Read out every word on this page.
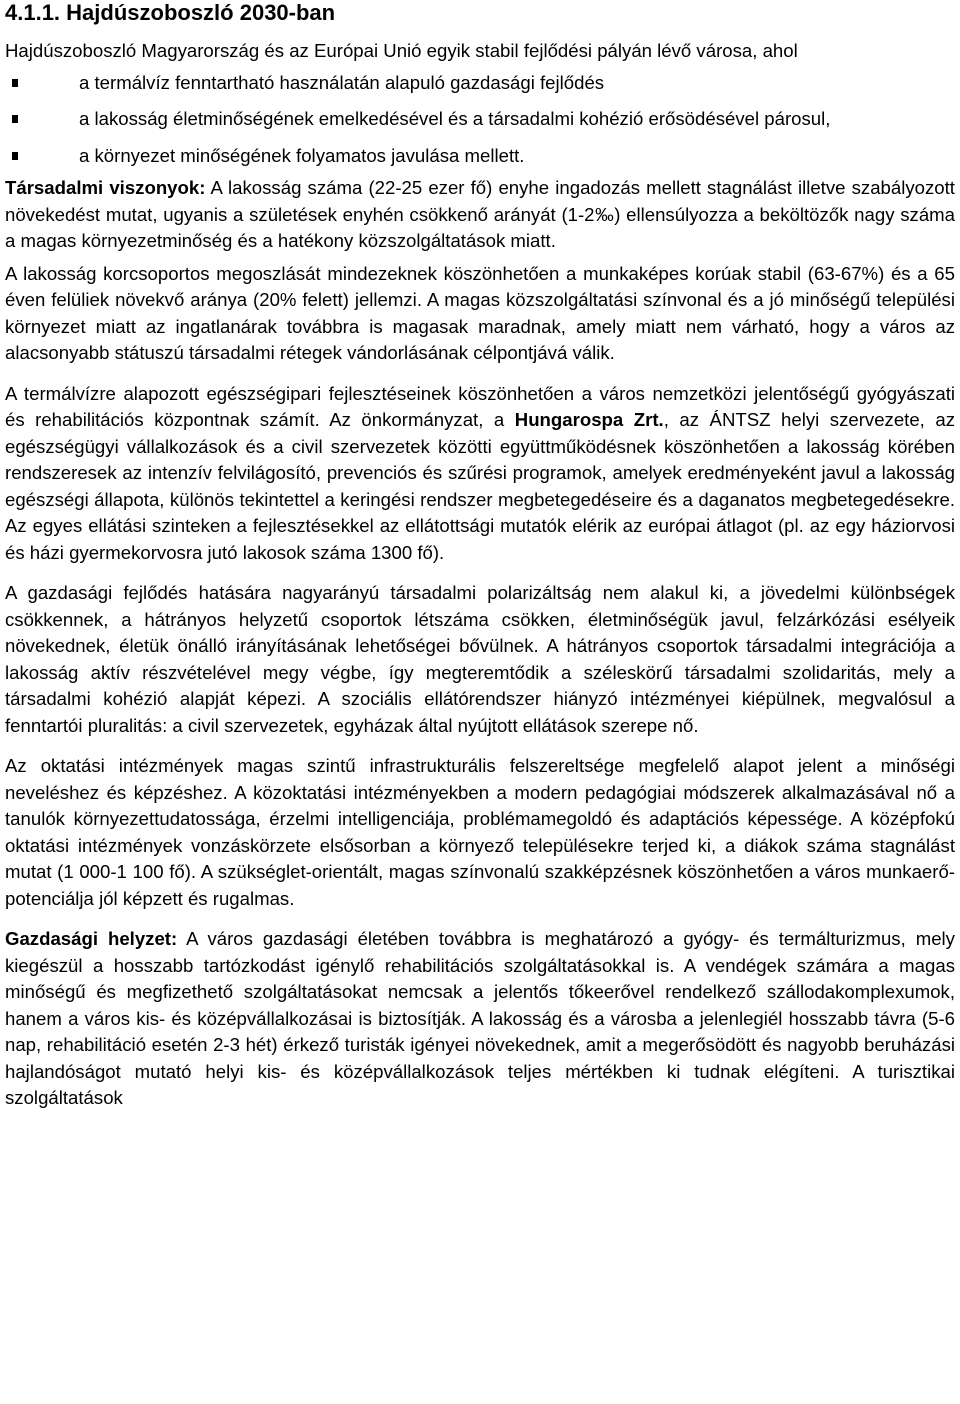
4.1.1. Hajdúszoboszló 2030-ban

Hajdúszoboszló Magyarország és az Európai Unió egyik stabil fejlődési pályán lévő városa, ahol

a termálvíz fenntartható használatán alapuló gazdasági fejlődés
a lakosság életminőségének emelkedésével és a társadalmi kohézió erősödésével párosul,
a környezet minőségének folyamatos javulása mellett.

Társadalmi viszonyok: A lakosság száma (22-25 ezer fő) enyhe ingadozás mellett stagnálást illetve szabályozott növekedést mutat, ugyanis a születések enyhén csökkenő arányát (1-2‰) ellensúlyozza a beköltözők nagy száma a magas környezetminőség és a hatékony közszolgáltatások miatt.

A lakosság korcsoportos megoszlását mindezeknek köszönhetően a munkaképes korúak stabil (63-67%) és a 65 éven felüliek növekvő aránya (20% felett) jellemzi. A magas közszolgáltatási színvonal és a jó minőségű települési környezet miatt az ingatlanárak továbbra is magasak maradnak, amely miatt nem várható, hogy a város az alacsonyabb státuszú társadalmi rétegek vándorlásának célpontjává válik.

A termálvízre alapozott egészségipari fejlesztéseinek köszönhetően a város nemzetközi jelentőségű gyógyászati és rehabilitációs központnak számít. Az önkormányzat, a Hungarospa Zrt., az ÁNTSZ helyi szervezete, az egészségügyi vállalkozások és a civil szervezetek közötti együttműködésnek köszönhetően a lakosság körében rendszeresek az intenzív felvilágosító, prevenciós és szűrési programok, amelyek eredményeként javul a lakosság egészségi állapota, különös tekintettel a keringési rendszer megbetegedéseire és a daganatos megbetegedésekre. Az egyes ellátási szinteken a fejlesztésekkel az ellátottsági mutatók elérik az európai átlagot (pl. az egy háziorvosi és házi gyermekorvosra jutó lakosok száma 1300 fő).

A gazdasági fejlődés hatására nagyarányú társadalmi polarizáltság nem alakul ki, a jövedelmi különbségek csökkennek, a hátrányos helyzetű csoportok létszáma csökken, életminőségük javul, felzárkózási esélyeik növekednek, életük önálló irányításának lehetőségei bővülnek. A hátrányos csoportok társadalmi integrációja a lakosság aktív részvételével megy végbe, így megteremtődik a széleskörű társadalmi szolidaritás, mely a társadalmi kohézió alapját képezi. A szociális ellátórendszer hiányzó intézményei kiépülnek, megvalósul a fenntartói pluralitás: a civil szervezetek, egyházak által nyújtott ellátások szerepe nő.

Az oktatási intézmények magas szintű infrastrukturális felszereltsége megfelelő alapot jelent a minőségi neveléshez és képzéshez. A közoktatási intézményekben a modern pedagógiai módszerek alkalmazásával nő a tanulók környezettudatossága, érzelmi intelligenciája, problémamegoldó és adaptációs képessége. A középfokú oktatási intézmények vonzáskörzete elsősorban a környező településekre terjed ki, a diákok száma stagnálást mutat (1 000-1 100 fő). A szükséglet-orientált, magas színvonalú szakképzésnek köszönhetően a város munkaerő-potenciálja jól képzett és rugalmas.

Gazdasági helyzet: A város gazdasági életében továbbra is meghatározó a gyógy- és termálturizmus, mely kiegészül a hosszabb tartózkodást igénylő rehabilitációs szolgáltatásokkal is. A vendégek számára a magas minőségű és megfizethető szolgáltatásokat nemcsak a jelentős tőkeerővel rendelkező szállodakomplexumok, hanem a város kis- és középvállalkozásai is biztosítják. A lakosság és a városba a jelenlegiél hosszabb távra (5-6 nap, rehabilitáció esetén 2-3 hét) érkező turisták igényei növekednek, amit a megerősödött és nagyobb beruházási hajlandóságot mutató helyi kis- és középvállalkozások teljes mértékben ki tudnak elégíteni. A turisztikai szolgáltatások
